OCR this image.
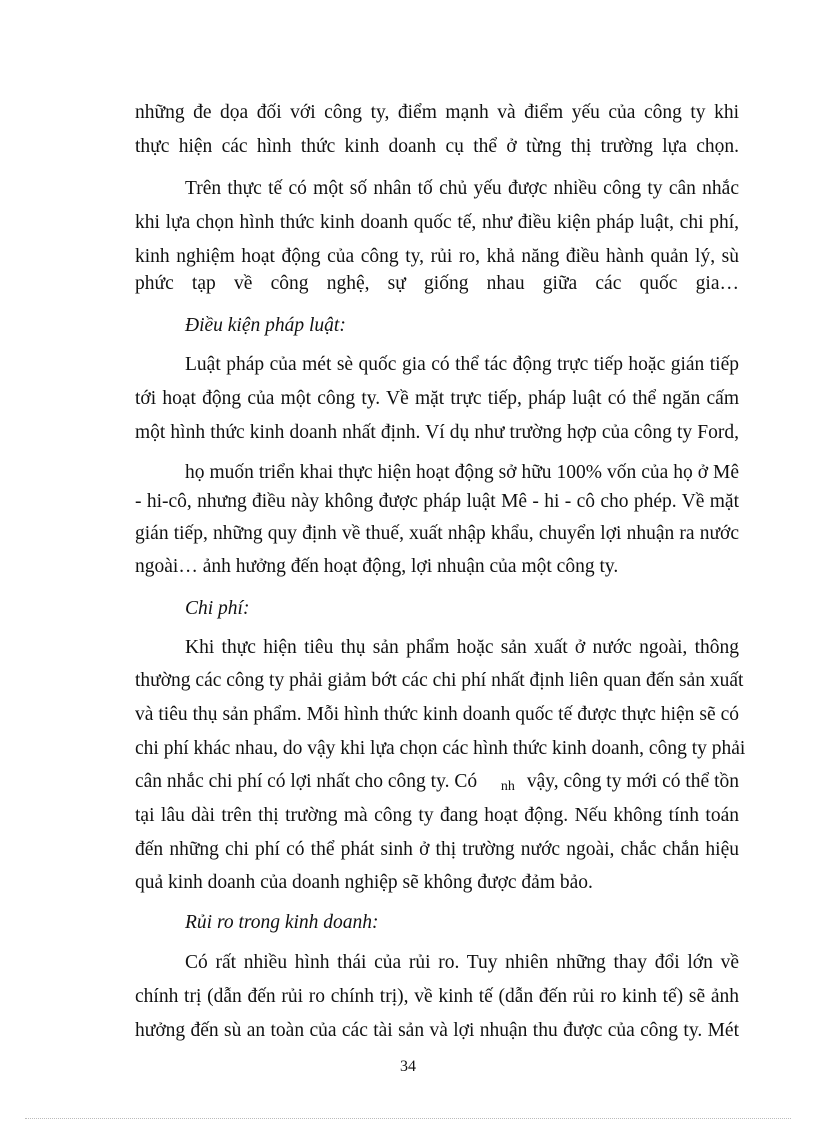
những đe dọa đối với công ty, điểm mạnh và điểm yếu của công ty khi
thực hiện các hình thức kinh doanh cụ thể ở từng thị trường lựa chọn.
Trên thực tế có một số nhân tố chủ yếu được nhiều công ty cân nhắc
khi lựa chọn hình thức kinh doanh quốc tế, như điều kiện pháp luật, chi phí,
kinh nghiệm hoạt động của công ty, rủi ro, khả năng điều hành quản lý, sù
phức tạp về công nghệ, sự giống nhau giữa các quốc gia…
Điều kiện pháp luật:
Luật pháp của mét sè quốc gia có thể tác động trực tiếp hoặc gián tiếp
tới hoạt động của một công ty. Về mặt trực tiếp, pháp luật có thể ngăn cấm
một hình thức kinh doanh nhất định. Ví dụ như trường hợp của công ty Ford,
họ muốn triển khai thực hiện hoạt động sở hữu 100% vốn của họ ở Mê
- hi-cô, nhưng điều này không được pháp luật Mê - hi - cô cho phép. Về mặt
gián tiếp, những quy định về thuế, xuất nhập khẩu, chuyển lợi nhuận ra nước
ngoài… ảnh hưởng đến hoạt động, lợi nhuận của một công ty.
Chi phí:
Khi thực hiện tiêu thụ sản phẩm hoặc sản xuất ở nước ngoài, thông
thường các công ty phải giảm bớt các chi phí nhất định liên quan đến sản xuất
và tiêu thụ sản phẩm. Mỗi hình thức kinh doanh quốc tế được thực hiện sẽ có
chi phí khác nhau, do vậy khi lựa chọn các hình thức kinh doanh, công ty phải
cân nhắc chi phí có lợi nhất cho công ty. Có nh vậy, công ty mới có thể tồn
tại lâu dài trên thị trường mà công ty đang hoạt động. Nếu không tính toán
đến những chi phí có thể phát sinh ở thị trường nước ngoài, chắc chắn hiệu
quả kinh doanh của doanh nghiệp sẽ không được đảm bảo.
Rủi ro trong kinh doanh:
Có rất nhiều hình thái của rủi ro. Tuy nhiên những thay đổi lớn về
chính trị (dẫn đến rủi ro chính trị), về kinh tế (dẫn đến rủi ro kinh tế) sẽ ảnh
hưởng đến sù an toàn của các tài sản và lợi nhuận thu được của công ty. Mét
34
